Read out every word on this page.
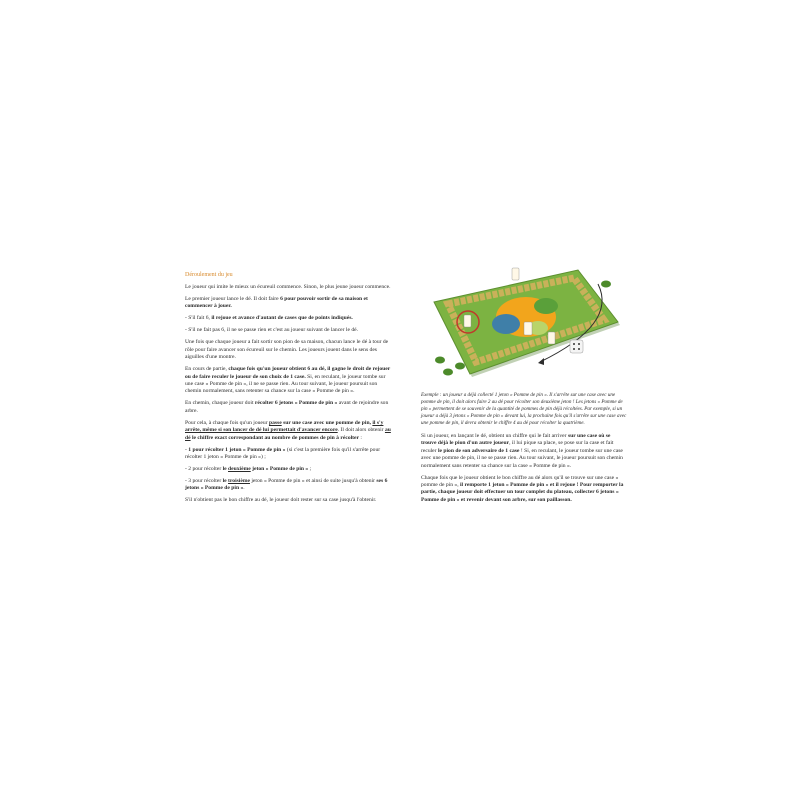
Déroulement du jeu

Le joueur qui imite le mieux un écureuil commence. Sinon, le plus jeune joueur commence.

Le premier joueur lance le dé. Il doit faire 6 pour pouvoir sortir de sa maison et commencer à jouer.

- S'il fait 6, il rejoue et avance d'autant de cases que de points indiqués.

- S'il ne fait pas 6, il ne se passe rien et c'est au joueur suivant de lancer le dé.

Une fois que chaque joueur a fait sortir son pion de sa maison, chacun lance le dé à tour de rôle pour faire avancer son écureuil sur le chemin. Les joueurs jouent dans le sens des aiguilles d'une montre.

En cours de partie, chaque fois qu'un joueur obtient 6 au dé, il gagne le droit de rejouer ou de faire reculer le joueur de son choix de 1 case. Si, en reculant, le joueur tombe sur une case « Pomme de pin », il ne se passe rien. Au tour suivant, le joueur poursuit son chemin normalement, sans retenter sa chance sur la case « Pomme de pin ».

En chemin, chaque joueur doit récolter 6 jetons « Pomme de pin » avant de rejoindre son arbre.

Pour cela, à chaque fois qu'un joueur passe sur une case avec une pomme de pin, il s'y arrête, même si son lancer de dé lui permettait d'avancer encore. Il doit alors obtenir au dé le chiffre exact correspondant au nombre de pommes de pin à récolter :

- 1 pour récolter 1 jeton « Pomme de pin » (si c'est la première fois qu'il s'arrête pour récolter 1 jeton « Pomme de pin ») ;

- 2 pour récolter le deuxième jeton « Pomme de pin » ;

- 3 pour récolter le troisième jeton « Pomme de pin » et ainsi de suite jusqu'à obtenir ses 6 jetons « Pomme de pin ».

S'il n'obtient pas le bon chiffre au dé, le joueur doit rester sur sa case jusqu'à l'obtenir.

Exemple : un joueur a déjà collecté 1 jeton « Pomme de pin ». Il s'arrête sur une case avec une pomme de pin, il doit alors faire 2 au dé pour récolter son deuxième jeton ! Les jetons « Pomme de pin » permettent de se souvenir de la quantité de pommes de pin déjà récoltées. Par exemple, si un joueur a déjà 3 jetons « Pomme de pin » devant lui, la prochaine fois qu'il s'arrête sur une case avec une pomme de pin, il devra obtenir le chiffre 4 au dé pour récolter la quatrième.

Si un joueur, en lançant le dé, obtient un chiffre qui le fait arriver sur une case où se trouve déjà le pion d'un autre joueur, il lui pique sa place, se pose sur la case et fait reculer le pion de son adversaire de 1 case ! Si, en reculant, le joueur tombe sur une case avec une pomme de pin, il ne se passe rien. Au tour suivant, le joueur poursuit son chemin normalement sans retenter sa chance sur la case « Pomme de pin ».

Chaque fois que le joueur obtient le bon chiffre au dé alors qu'il se trouve sur une case « pomme de pin », il remporte 1 jeton « Pomme de pin » et il rejoue ! Pour remporter la partie, chaque joueur doit effectuer un tour complet du plateau, collecter 6 jetons « Pomme de pin » et revenir devant son arbre, sur son paillasson.
